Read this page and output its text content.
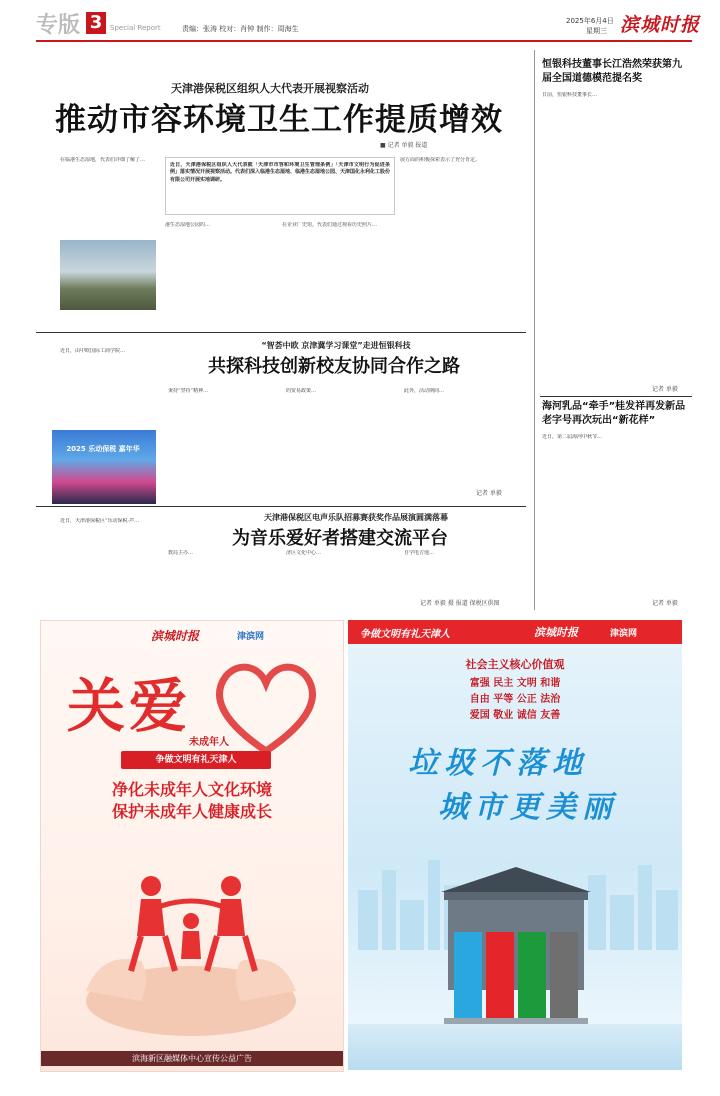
专版 3	Special Report	责编：张涛 校对：肖钟 制作：周海生
2025年6月4日
星期三 滨城时报
天津港保税区组织人大代表开展视察活动
推动市容环境卫生工作提质增效
■ 记者 单毅 报道
在临港生态湿地，代表们详细了解了…
近日，天津港保税区组织人大代表就「天津市市容和环境卫生管理条例」「天津市文明行为促进条例」落实情况开展视察活动。代表们深入临港生态湿地、临港生态湿地公园、天津国化永利化工股份有限公司开展实地调研。
港生态湿地公园的…	在企业厂史馆，代表们通过观看历史照片…
展方面的积极探索表示了充分肯定。
“智荟中欧 京津冀学习课堂”走进恒银科技
共探科技创新校友协同合作之路
近日，由中欧国际工商学院…
秉持“坚持”精神…	的贸易政策…	此外，活动期间…
记者 单毅
2025 乐动保税 嘉年华
天津港保税区电声乐队招募赛获奖作品展演圆满落幕
为音乐爱好者搭建交流平台
近日，天津港保税区“乐动保税·声…
教局主办…	济区文化中心…	自学电吉他…
记者 单毅 摄 报道 保税区供图
恒银科技董事长江浩然荣获第九届全国道德模范提名奖
日前，恒银科技董事长…
记者 单毅
海河乳品“牵手”桂发祥再发新品 老字号再次玩出“新花样”
近日，第二届海河中秋节…
记者 单毅
滨城时报	津滨网
关爱
未成年人
争做文明有礼天津人
净化未成年人文化环境
保护未成年人健康成长
滨海新区融媒体中心宣传公益广告
争做文明有礼天津人	滨城时报	津滨网
社会主义核心价值观
富强 民主 文明 和谐
自由 平等 公正 法治
爱国 敬业 诚信 友善
垃圾不落地
城市更美丽
